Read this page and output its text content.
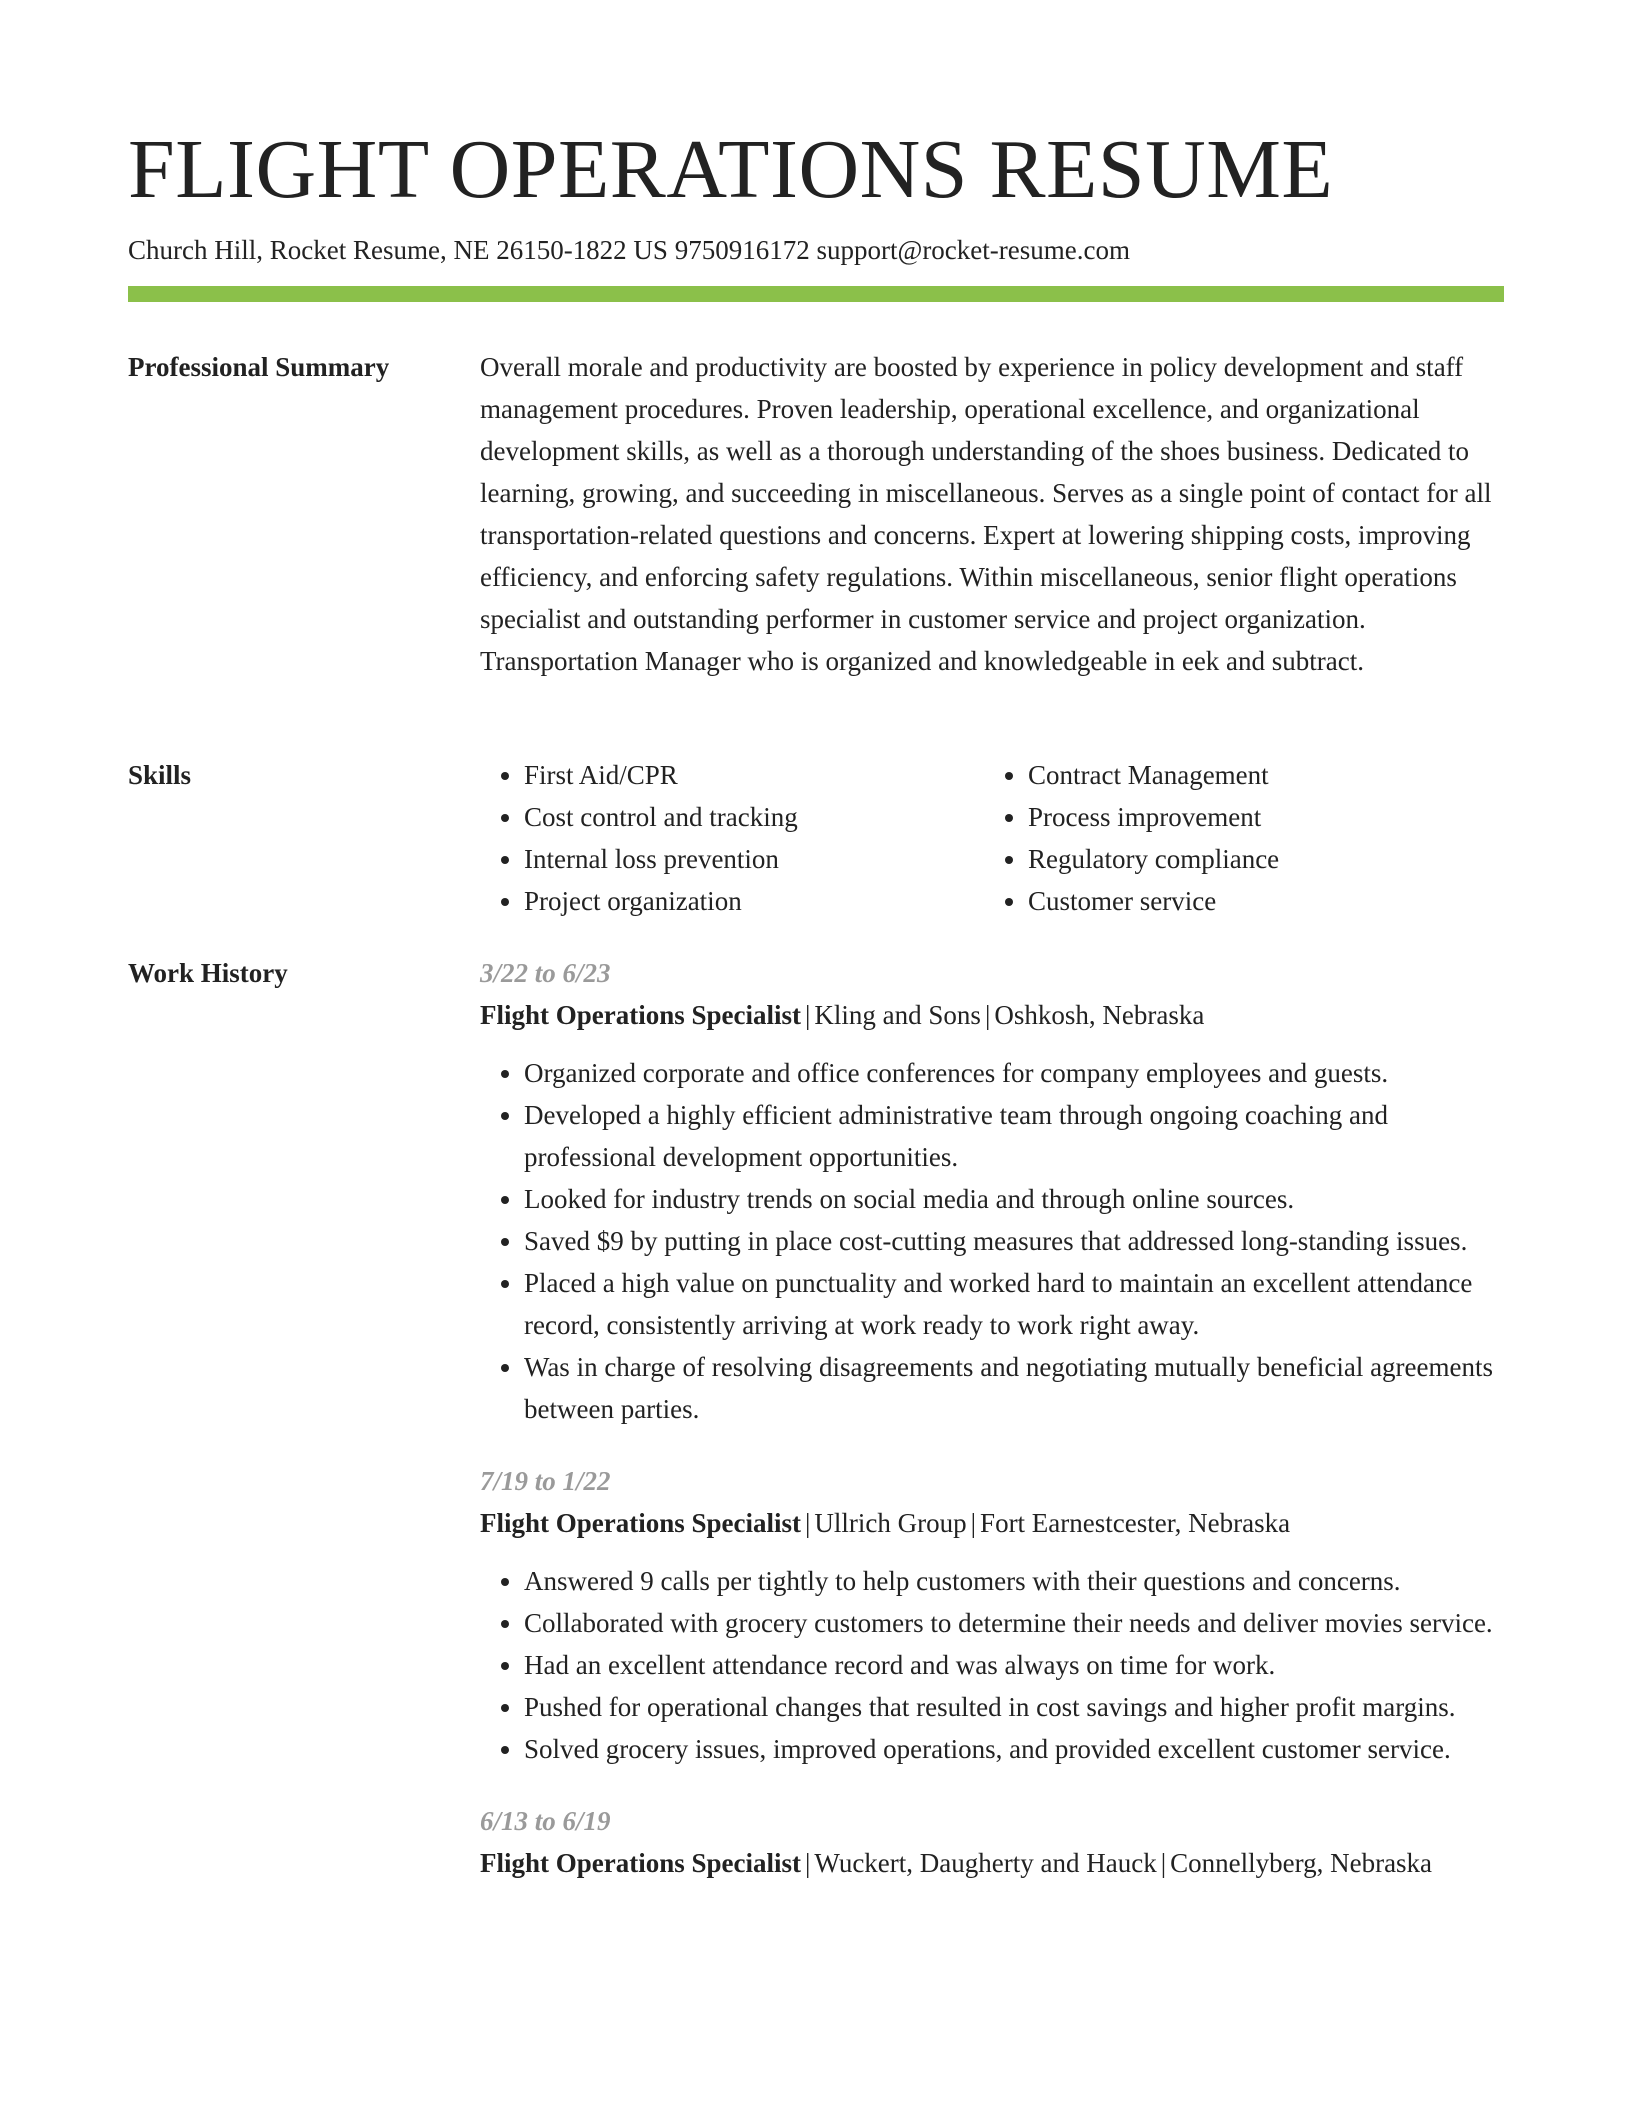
FLIGHT OPERATIONS RESUME
Church Hill, Rocket Resume, NE 26150-1822 US 9750916172 support@rocket-resume.com
Professional Summary	Overall morale and productivity are boosted by experience in policy development and staff management procedures. Proven leadership, operational excellence, and organizational development skills, as well as a thorough understanding of the shoes business. Dedicated to learning, growing, and succeeding in miscellaneous. Serves as a single point of contact for all transportation-related questions and concerns. Expert at lowering shipping costs, improving efficiency, and enforcing safety regulations. Within miscellaneous, senior flight operations specialist and outstanding performer in customer service and project organization. Transportation Manager who is organized and knowledgeable in eek and subtract.

Skills
•	First Aid/CPR
• Cost control and tracking
• Internal loss prevention
• Project organization
• Contract Management
• Process improvement
• Regulatory compliance
• Customer service
Work History	3/22 to 6/23
Flight Operations Specialist | Kling and Sons | Oshkosh, Nebraska
• Organized corporate and office conferences for company employees and guests.
• Developed a highly efficient administrative team through ongoing coaching and professional development opportunities.
• Looked for industry trends on social media and through online sources.
• Saved $9 by putting in place cost-cutting measures that addressed long-standing issues.
• Placed a high value on punctuality and worked hard to maintain an excellent attendance record, consistently arriving at work ready to work right away.
• Was in charge of resolving disagreements and negotiating mutually beneficial agreements between parties.
7/19 to 1/22
Flight Operations Specialist | Ullrich Group | Fort Earnestcester, Nebraska
• Answered 9 calls per tightly to help customers with their questions and concerns.
• Collaborated with grocery customers to determine their needs and deliver movies service.
• Had an excellent attendance record and was always on time for work.
• Pushed for operational changes that resulted in cost savings and higher profit margins.
• Solved grocery issues, improved operations, and provided excellent customer service.
6/13 to 6/19
Flight Operations Specialist | Wuckert, Daugherty and Hauck | Connellyberg, Nebraska
